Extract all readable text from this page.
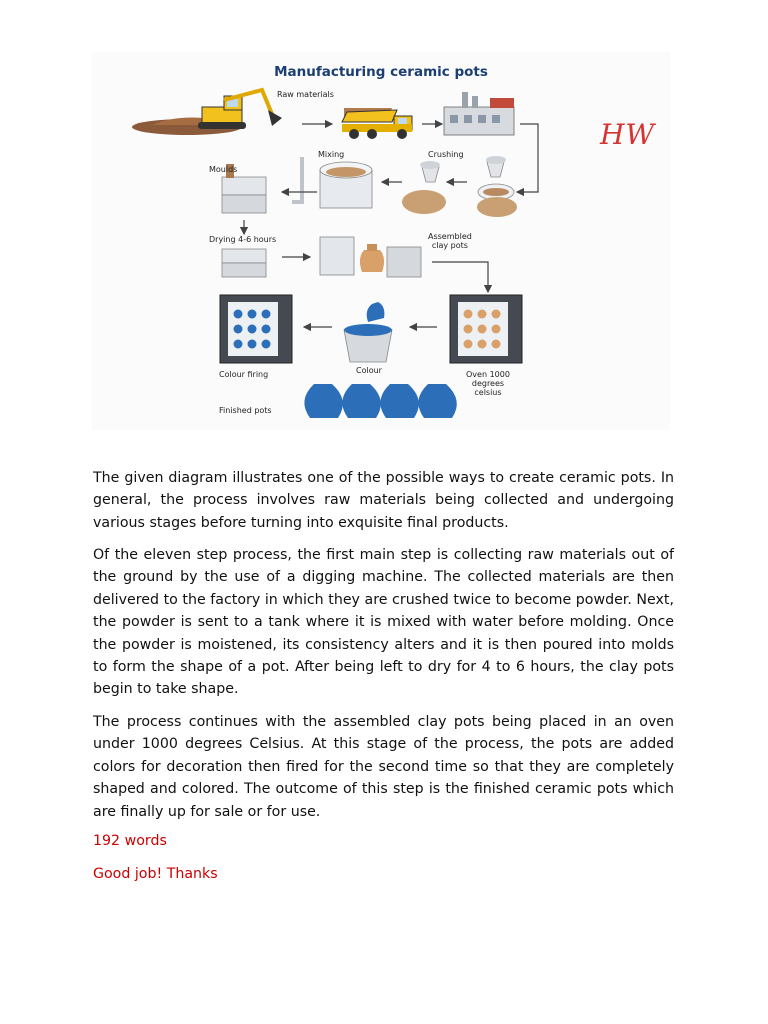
Manufacturing ceramic pots
Raw materials
Mixing	Crushing
Moulds
Drying 4-6 hours	Assembled
clay pots
Oven 1000
degrees
celsius
Colour
Colour firing
Finished pots
HW

The given diagram illustrates one of the possible ways to create ceramic pots. In general, the process involves raw materials being collected and undergoing various stages before turning into exquisite final products.

Of the eleven step process, the first main step is collecting raw materials out of the ground by the use of a digging machine. The collected materials are then delivered to the factory in which they are crushed twice to become powder. Next, the powder is sent to a tank where it is mixed with water before molding. Once the powder is moistened, its consistency alters and it is then poured into molds to form the shape of a pot. After being left to dry for 4 to 6 hours, the clay pots begin to take shape.

The process continues with the assembled clay pots being placed in an oven under 1000 degrees Celsius. At this stage of the process, the pots are added colors for decoration then fired for the second time so that they are completely shaped and colored. The outcome of this step is the finished ceramic pots which are finally up for sale or for use.

192 words
Good job! Thanks
